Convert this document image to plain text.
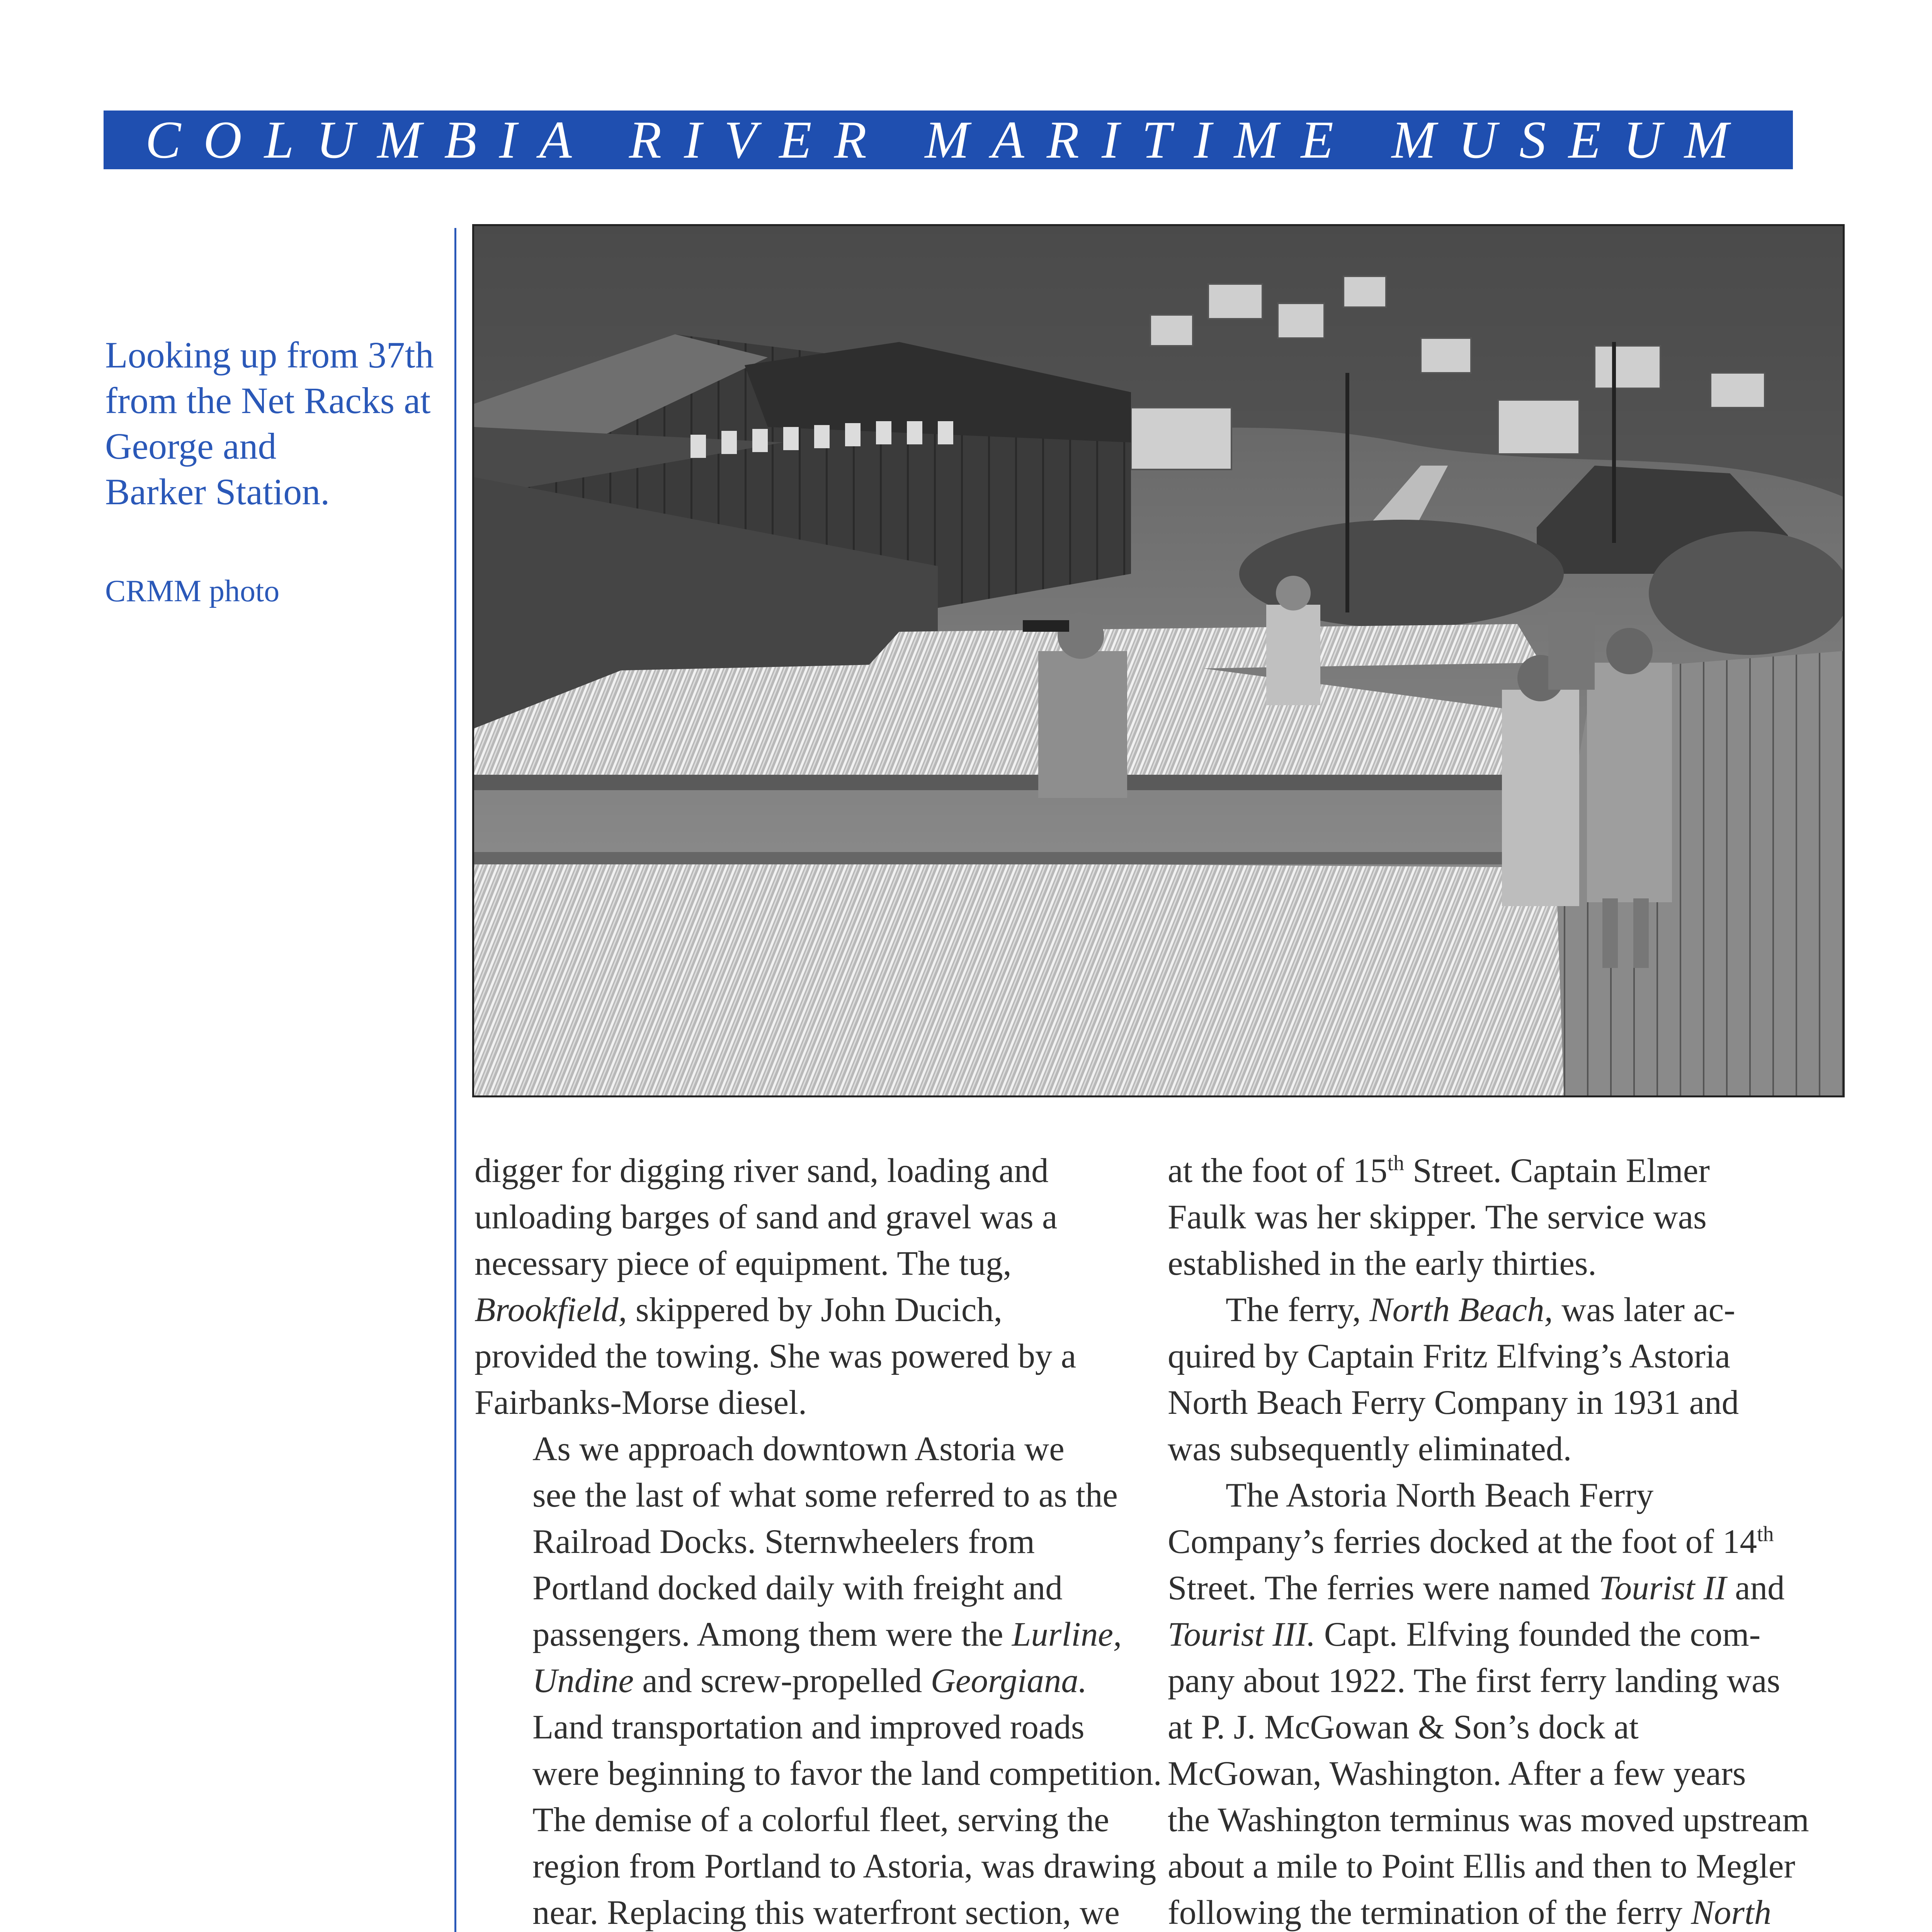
COLUMBIA RIVER MARITIME MUSEUM
Looking up from 37th
from the Net Racks at
George and
Barker Station.
CRMM photo

digger for digging river sand, loading and
unloading barges of sand and gravel was a
necessary piece of equipment. The tug,
Brookfield, skippered by John Ducich,
provided the towing. She was powered by a
Fairbanks-Morse diesel.

As we approach downtown Astoria we
see the last of what some referred to as the
Railroad Docks. Sternwheelers from
Portland docked daily with freight and
passengers. Among them were the Lurline,
Undine and screw-propelled Georgiana.
Land transportation and improved roads
were beginning to favor the land competition.
The demise of a colorful fleet, serving the
region from Portland to Astoria, was drawing
near. Replacing this waterfront section, we

at the foot of 15th Street. Captain Elmer
Faulk was her skipper. The service was
established in the early thirties.

The ferry, North Beach, was later ac-
quired by Captain Fritz Elfving’s Astoria
North Beach Ferry Company in 1931 and
was subsequently eliminated.

The Astoria North Beach Ferry
Company’s ferries docked at the foot of 14th
Street. The ferries were named Tourist II and
Tourist III. Capt. Elfving founded the com-
pany about 1922. The first ferry landing was
at P. J. McGowan & Son’s dock at
McGowan, Washington. After a few years
the Washington terminus was moved upstream
about a mile to Point Ellis and then to Megler
following the termination of the ferry North
